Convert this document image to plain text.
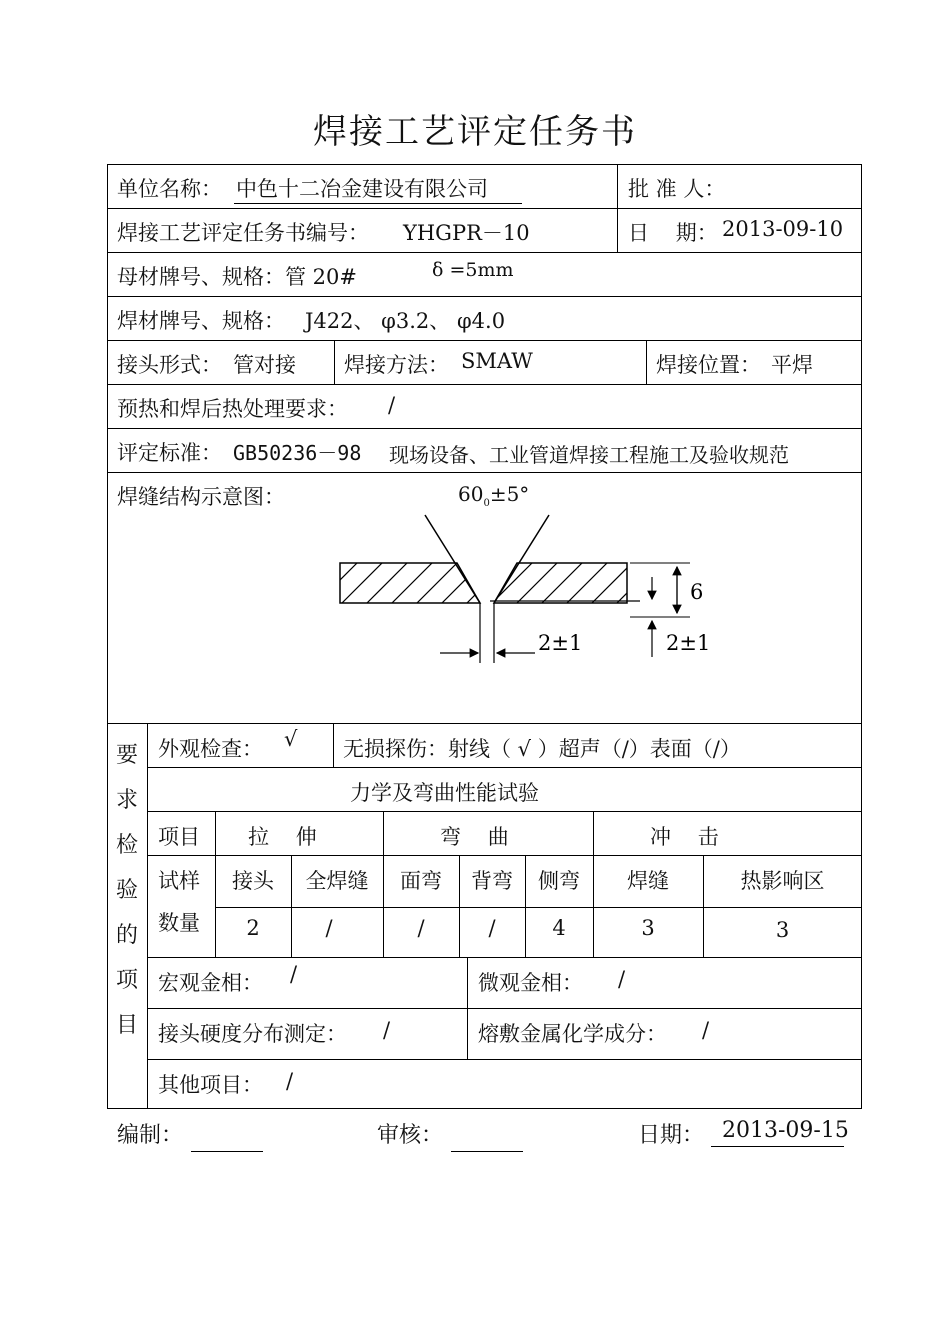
焊接工艺评定任务书
单位名称： 中色十二冶金建设有限公司	批 准 人：
焊接工艺评定任务书编号： YHGPR－10	日    期： 2013-09-10
母材牌号、规格： 管 20#	δ =5mm
焊材牌号、规格： J422、 φ3.2、 φ4.0
接头形式： 管对接 焊接方法： SMAW	焊接位置： 平焊
预热和焊后热处理要求： /
评定标准： GB50236－98 现场设备、工业管道焊接工程施工及验收规范
焊缝结构示意图：	$60_0\pm 5^\circ$
6
2±1	2±1
要
求
检
验
的
项
目
外观检查： √ 无损探伤：射线（ √ ）超声（/）表面（/）
力学及弯曲性能试验
项目 拉    伸	弯    曲	冲    击
试样
数量
接头	全焊缝	面弯	背弯	侧弯	焊缝	热影响区
2	/	/	/	4	3	3
宏观金相： /	微观金相： /
接头硬度分布测定： /	熔敷金属化学成分： /
其他项目： /
编制：	审核：	日期： 2013-09-15
